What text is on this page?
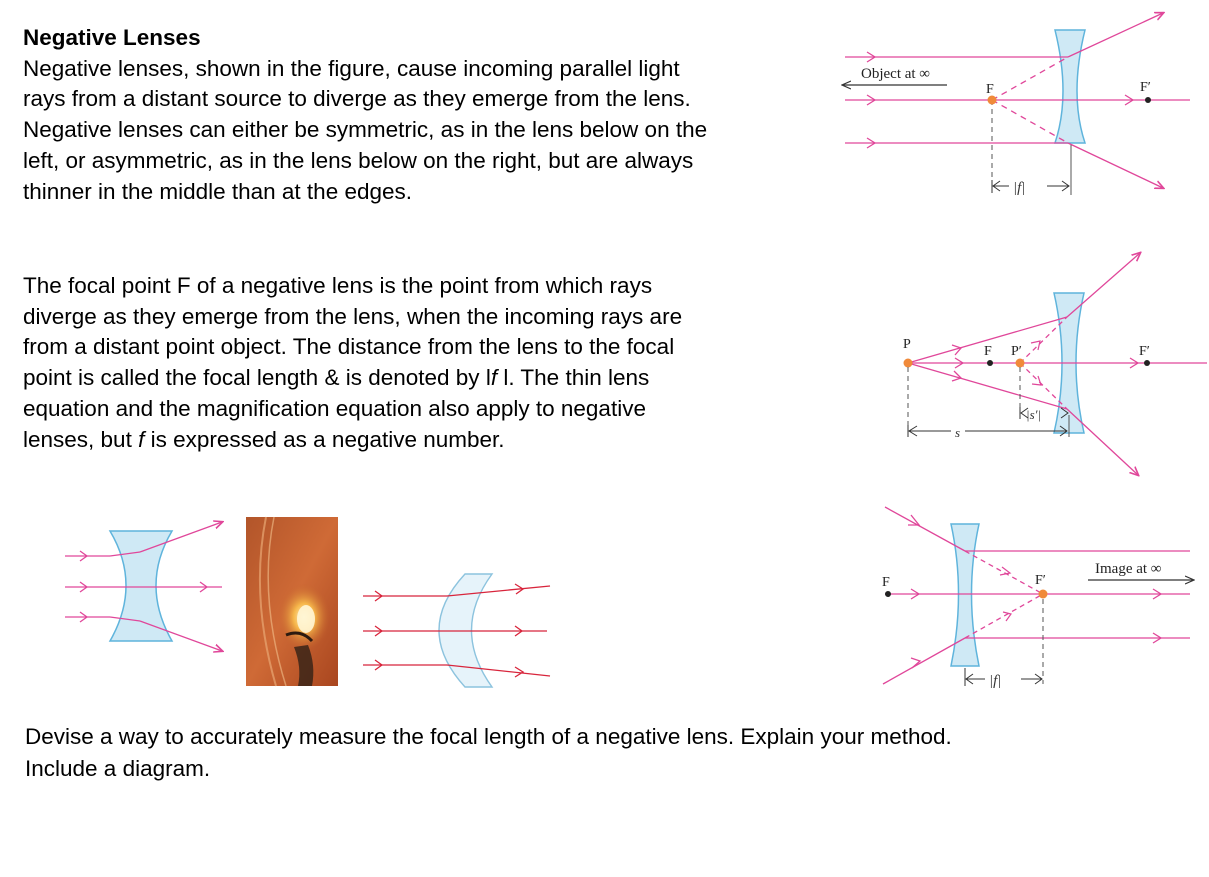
Negative Lenses
Negative lenses, shown in the figure, cause incoming parallel light rays from a distant source to diverge as they emerge from the lens. Negative lenses can either be symmetric, as in the lens below on the left, or asymmetric, as in the lens below on the right, but are always thinner in the middle than at the edges.
The focal point F of a negative lens is the point from which rays diverge as they emerge from the lens, when the incoming rays are from a distant point object. The distance from the lens to the focal point is called the focal length & is denoted by lf l. The thin lens equation and the magnification equation also apply to negative lenses, but f is expressed as a negative number.
Devise a way to accurately measure the focal length of a negative lens. Explain your method.
Include a diagram.
Object at ∞
F	F′
|f|
P	F P′	F′
|s′|
s
F	F′
Image at ∞
|f|
